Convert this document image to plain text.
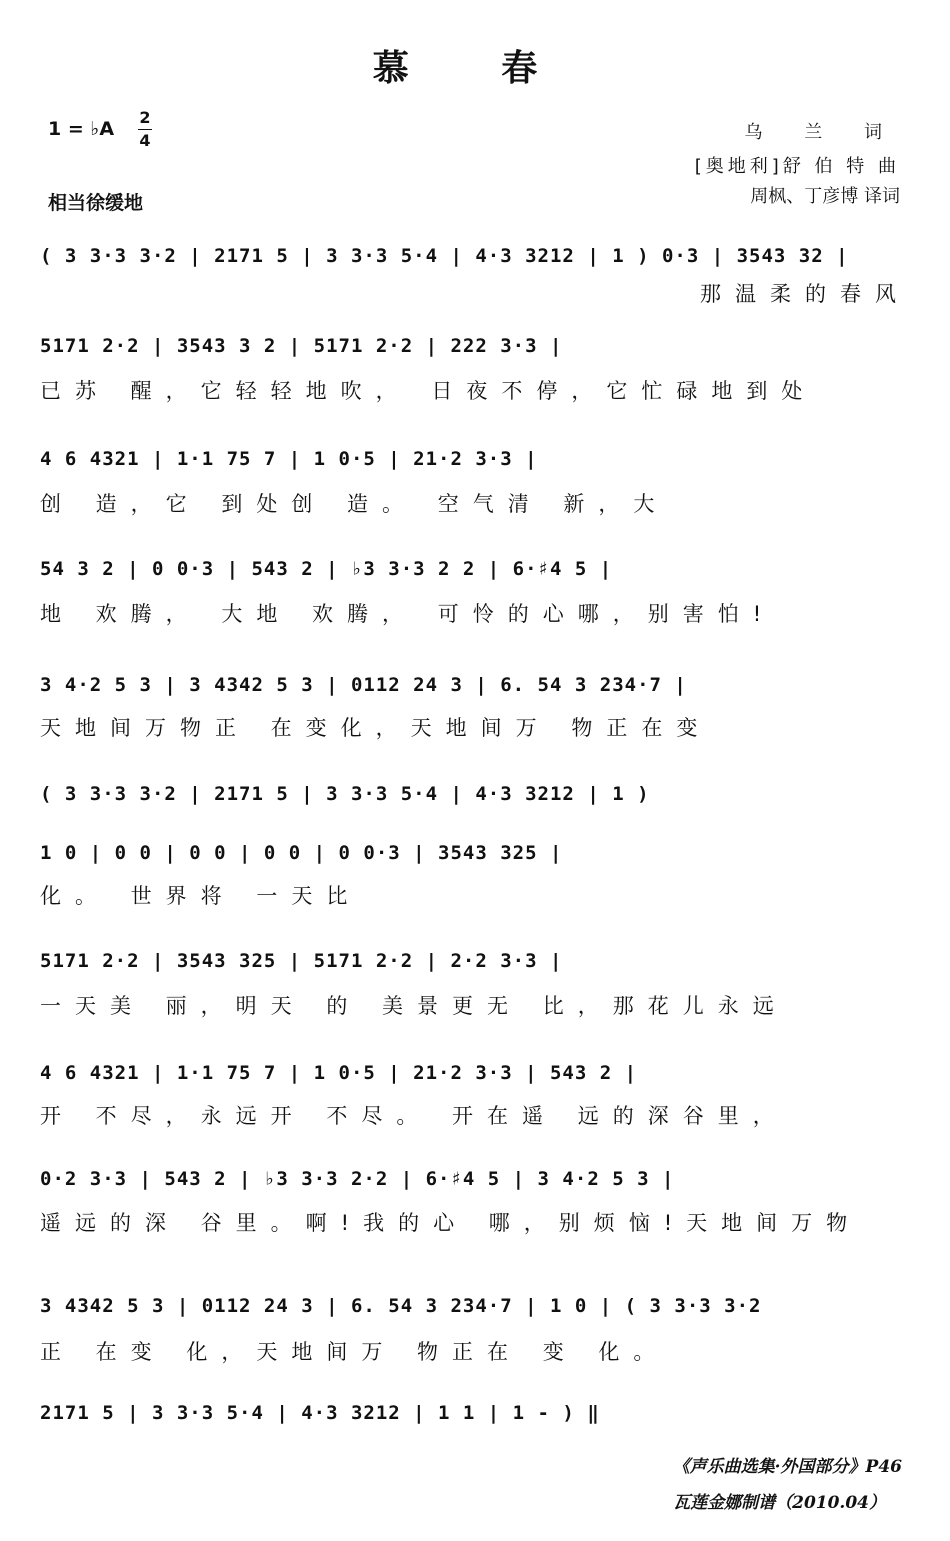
慕 春
1 = ♭A
2
4
相当徐缓地
乌 兰 词
[奥地利]舒 伯 特 曲
周枫、丁彦博 译词
( 3 3·3 3·2 | 2171 5 | 3 3·3 5·4 | 4·3 3212 | 1 ) 0·3 | 3543 32 |
那温柔的春风
5171 2·2 | 3543 3 2 | 5171 2·2 | 222 3·3 |
已苏 醒，它轻轻地吹， 日夜不停，它忙碌地到处
4 6 4321 | 1·1 75 7 | 1 0·5 | 21·2 3·3 |
创 造，它 到处创 造。 空气清 新，大
54 3 2 | 0 0·3 | 543 2 | ♭3 3·3 2 2 | 6·♯4 5 |
地 欢腾， 大地 欢腾， 可怜的心哪，别害怕!
3 4·2 5 3 | 3 4342 5 3 | 0112 24 3 | 6. 54 3 234·7 |
天地间万物正 在变化，天地间万 物正在变
( 3 3·3 3·2 | 2171 5 | 3 3·3 5·4 | 4·3 3212 | 1 )
1 0 | 0 0 | 0 0 | 0 0 | 0 0·3 | 3543 325 |
化。 世界将 一天比
5171 2·2 | 3543 325 | 5171 2·2 | 2·2 3·3 |
一天美 丽，明天 的 美景更无 比，那花儿永远
4 6 4321 | 1·1 75 7 | 1 0·5 | 21·2 3·3 | 543 2 |
开 不尽，永远开 不尽。 开在遥 远的深谷里，
0·2 3·3 | 543 2 | ♭3 3·3 2·2 | 6·♯4 5 | 3 4·2 5 3 |
遥远的深 谷里。啊!我的心 哪，别烦恼!天地间万物
3 4342 5 3 | 0112 24 3 | 6. 54 3 234·7 | 1 0 | ( 3 3·3 3·2
正 在变 化，天地间万 物正在 变 化。
2171 5 | 3 3·3 5·4 | 4·3 3212 | 1 1 | 1 - ) ‖
《声乐曲选集·外国部分》P46
瓦莲金娜制谱（2010.04）
